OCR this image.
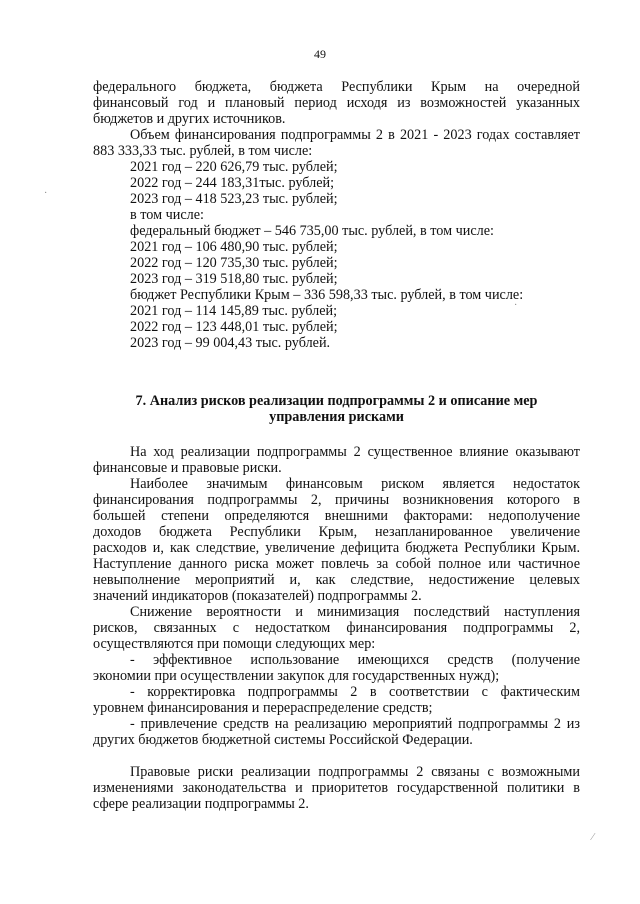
49
федерального бюджета, бюджета Республики Крым на очередной
финансовый год и плановый период исходя из возможностей указанных
бюджетов и других источников.
Объем финансирования подпрограммы 2 в 2021 - 2023 годах составляет
883 333,33 тыс. рублей, в том числе:
2021 год – 220 626,79 тыс. рублей;
2022 год – 244 183,31тыс. рублей;
2023 год – 418 523,23 тыс. рублей;
в том числе:
федеральный бюджет – 546 735,00 тыс. рублей, в том числе:
2021 год – 106 480,90 тыс. рублей;
2022 год – 120 735,30 тыс. рублей;
2023 год – 319 518,80 тыс. рублей;
бюджет Республики Крым – 336 598,33 тыс. рублей, в том числе:
2021 год – 114 145,89 тыс. рублей;
2022 год – 123 448,01 тыс. рублей;
2023 год – 99 004,43 тыс. рублей.
На ход реализации подпрограммы 2 существенное влияние оказывают
финансовые и правовые риски.
Наиболее значимым финансовым риском является недостаток
финансирования подпрограммы 2, причины возникновения которого в
большей степени определяются внешними факторами: недополучение
доходов бюджета Республики Крым, незапланированное увеличение
расходов и, как следствие, увеличение дефицита бюджета Республики Крым.
Наступление данного риска может повлечь за собой полное или частичное
невыполнение мероприятий и, как следствие, недостижение целевых
значений индикаторов (показателей) подпрограммы 2.
Снижение вероятности и минимизация последствий наступления
рисков, связанных с недостатком финансирования подпрограммы 2,
осуществляются при помощи следующих мер:
- эффективное использование имеющихся средств (получение
экономии при осуществлении закупок для государственных нужд);
- корректировка подпрограммы 2 в соответствии с фактическим
уровнем финансирования и перераспределение средств;
- привлечение средств на реализацию мероприятий подпрограммы 2 из
других бюджетов бюджетной системы Российской Федерации.
Правовые риски реализации подпрограммы 2 связаны с возможными
изменениями законодательства и приоритетов государственной политики в
сфере реализации подпрограммы 2.
7. Анализ рисков реализации подпрограммы 2 и описание мер
управления рисками
·
·
⁄
